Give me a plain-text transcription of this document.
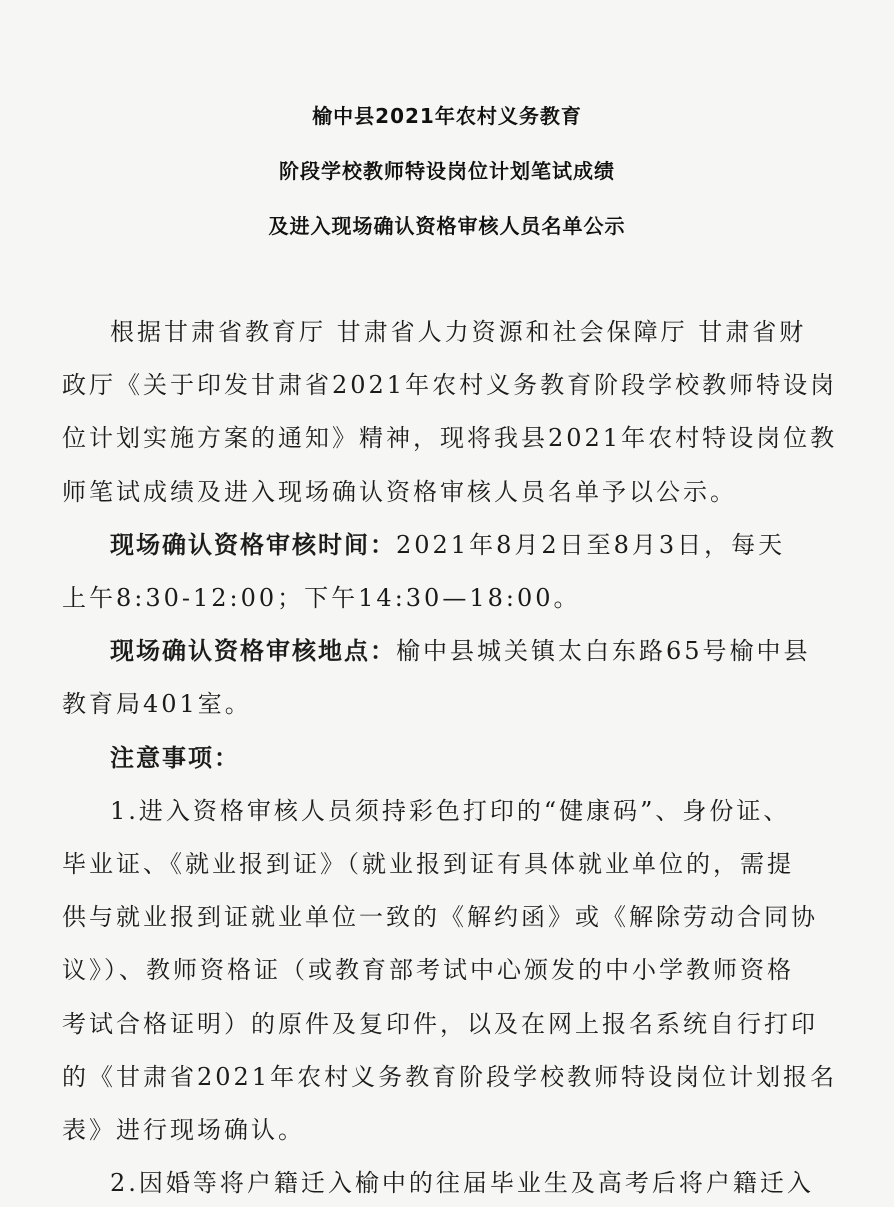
榆中县2021年农村义务教育
阶段学校教师特设岗位计划笔试成绩
及进入现场确认资格审核人员名单公示
根据甘肃省教育厅 甘肃省人力资源和社会保障厅 甘肃省财
政厅《关于印发甘肃省2021年农村义务教育阶段学校教师特设岗
位计划实施方案的通知》精神，现将我县2021年农村特设岗位教
师笔试成绩及进入现场确认资格审核人员名单予以公示。
现场确认资格审核时间：2021年8月2日至8月3日，每天
上午8:30-12:00；下午14:30—18:00。
现场确认资格审核地点：榆中县城关镇太白东路65号榆中县
教育局401室。
注意事项：
1.进入资格审核人员须持彩色打印的“健康码”、身份证、
毕业证、《就业报到证》（就业报到证有具体就业单位的，需提
供与就业报到证就业单位一致的《解约函》或《解除劳动合同协
议》）、教师资格证（或教育部考试中心颁发的中小学教师资格
考试合格证明）的原件及复印件，以及在网上报名系统自行打印
的《甘肃省2021年农村义务教育阶段学校教师特设岗位计划报名
表》进行现场确认。
2.因婚等将户籍迁入榆中的往届毕业生及高考后将户籍迁入
